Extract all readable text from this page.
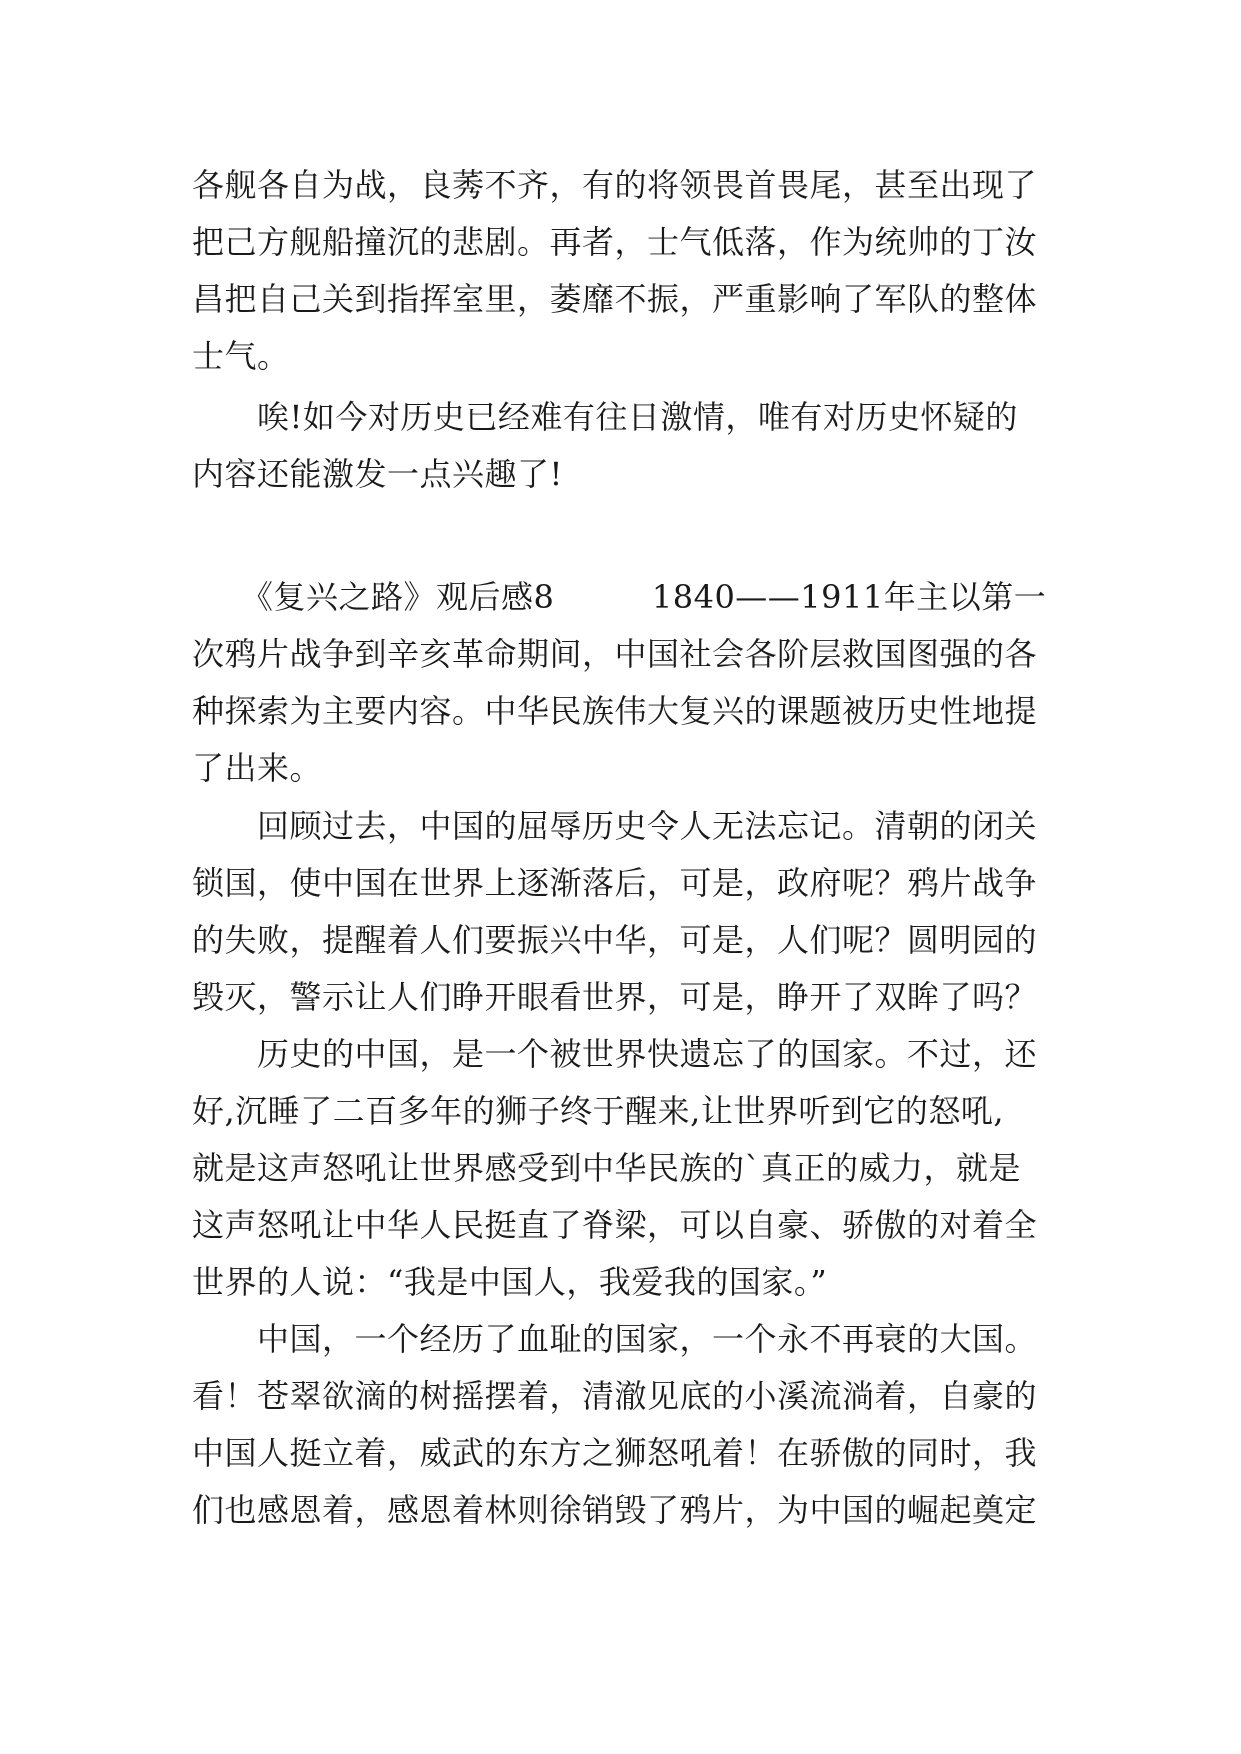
各舰各自为战，良莠不齐，有的将领畏首畏尾，甚至出现了
把己方舰船撞沉的悲剧。再者，士气低落，作为统帅的丁汝
昌把自己关到指挥室里，萎靡不振，严重影响了军队的整体
士气。
　　唉!如今对历史已经难有往日激情，唯有对历史怀疑的
内容还能激发一点兴趣了!
　　《复兴之路》观后感8　　　1840——1911年主以第一
次鸦片战争到辛亥革命期间，中国社会各阶层救国图强的各
种探索为主要内容。中华民族伟大复兴的课题被历史性地提
了出来。
　　回顾过去，中国的屈辱历史令人无法忘记。清朝的闭关
锁国，使中国在世界上逐渐落后，可是，政府呢？鸦片战争
的失败，提醒着人们要振兴中华，可是，人们呢？圆明园的
毁灭，警示让人们睁开眼看世界，可是，睁开了双眸了吗？
　　历史的中国，是一个被世界快遗忘了的国家。不过，还
好,沉睡了二百多年的狮子终于醒来,让世界听到它的怒吼,
就是这声怒吼让世界感受到中华民族的`真正的威力，就是
这声怒吼让中华人民挺直了脊梁，可以自豪、骄傲的对着全
世界的人说：“我是中国人，我爱我的国家。”
　　中国，一个经历了血耻的国家，一个永不再衰的大国。
看！苍翠欲滴的树摇摆着，清澈见底的小溪流淌着，自豪的
中国人挺立着，威武的东方之狮怒吼着！在骄傲的同时，我
们也感恩着，感恩着林则徐销毁了鸦片，为中国的崛起奠定
